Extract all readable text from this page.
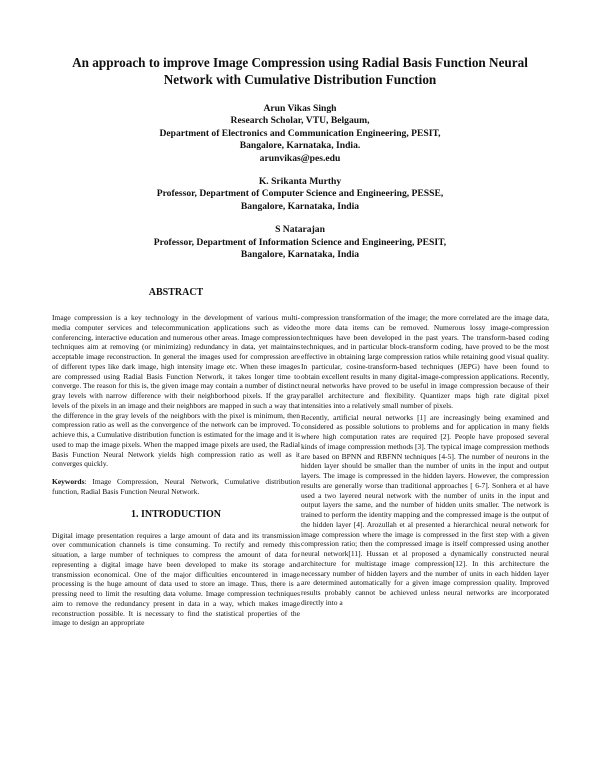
An approach to improve Image Compression using Radial Basis Function Neural
Network with Cumulative Distribution Function
Arun Vikas Singh
Research Scholar, VTU, Belgaum,
Department of Electronics and Communication Engineering, PESIT,
Bangalore, Karnataka, India.
arunvikas@pes.edu
K. Srikanta Murthy
Professor, Department of Computer Science and Engineering, PESSE,
Bangalore, Karnataka, India
S Natarajan
Professor, Department of Information Science and Engineering, PESIT,
Bangalore, Karnataka, India
ABSTRACT

Image compression is a key technology in the development of various multi-media computer services and telecommunication applications such as video conferencing, interactive education and numerous other areas. Image compression techniques aim at removing (or minimizing) redundancy in data, yet maintains acceptable image reconstruction. In general the images used for compression are of different types like dark image, high intensity image etc. When these images are compressed using Radial Basis Function Network, it takes longer time to converge. The reason for this is, the given image may contain a number of distinct gray levels with narrow difference with their neighborhood pixels. If the gray levels of the pixels in an image and their neighbors are mapped in such a way that the difference in the gray levels of the neighbors with the pixel is minimum, then compression ratio as well as the convergence of the network can be improved. To achieve this, a Cumulative distribution function is estimated for the image and it is used to map the image pixels. When the mapped image pixels are used, the Radial Basis Function Neural Network yields high compression ratio as well as it converges quickly.

Keywords: Image Compression, Neural Network, Cumulative distribution function, Radial Basis Function Neural Network.

1. INTRODUCTION

Digital image presentation requires a large amount of data and its transmission over communication channels is time consuming. To rectify and remedy this situation, a large number of techniques to compress the amount of data for representing a digital image have been developed to make its storage and transmission economical. One of the major difficulties encountered in image processing is the huge amount of data used to store an image. Thus, there is a pressing need to limit the resulting data volume. Image compression techniques aim to remove the redundancy present in data in a way, which makes image reconstruction possible. It is necessary to find the statistical properties of the image to design an appropriate

compression transformation of the image; the more correlated are the image data, the more data items can be removed. Numerous lossy image-compression techniques have been developed in the past years. The transform-based coding techniques, and in particular block-transform coding, have proved to be the most effective in obtaining large compression ratios while retaining good visual quality. In particular, cosine-transform-based techniques (JEPG) have been found to obtain excellent results in many digital-image-compression applications. Recently, neural networks have proved to be useful in image compression because of their parallel architecture and flexibility. Quantizer maps high rate digital pixel intensities into a relatively small number of pixels.

Recently, artificial neural networks [1] are increasingly being examined and considered as possible solutions to problems and for application in many fields where high computation rates are required [2]. People have proposed several kinds of image compression methods [3]. The typical image compression methods are based on BPNN and RBFNN techniques [4-5]. The number of neurons in the hidden layer should be smaller than the number of units in the input and output layers. The image is compressed in the hidden layers. However, the compression results are generally worse than traditional approaches [ 6-7]. Sonhera et al have used a two layered neural network with the number of units in the input and output layers the same, and the number of hidden units smaller. The network is trained to perform the identity mapping and the compressed image is the output of the hidden layer [4]. Arozullah et al presented a hierarchical neural network for image compression where the image is compressed in the first step with a given compression ratio; then the compressed image is itself compressed using another neural network[11]. Hussan et al proposed a dynamically constructed neural architecture for multistage image compression[12]. In this architecture the necessary number of hidden layers and the number of units in each hidden layer are determined automatically for a given image compression quality. Improved results probably cannot be achieved unless neural networks are incorporated directly into a
